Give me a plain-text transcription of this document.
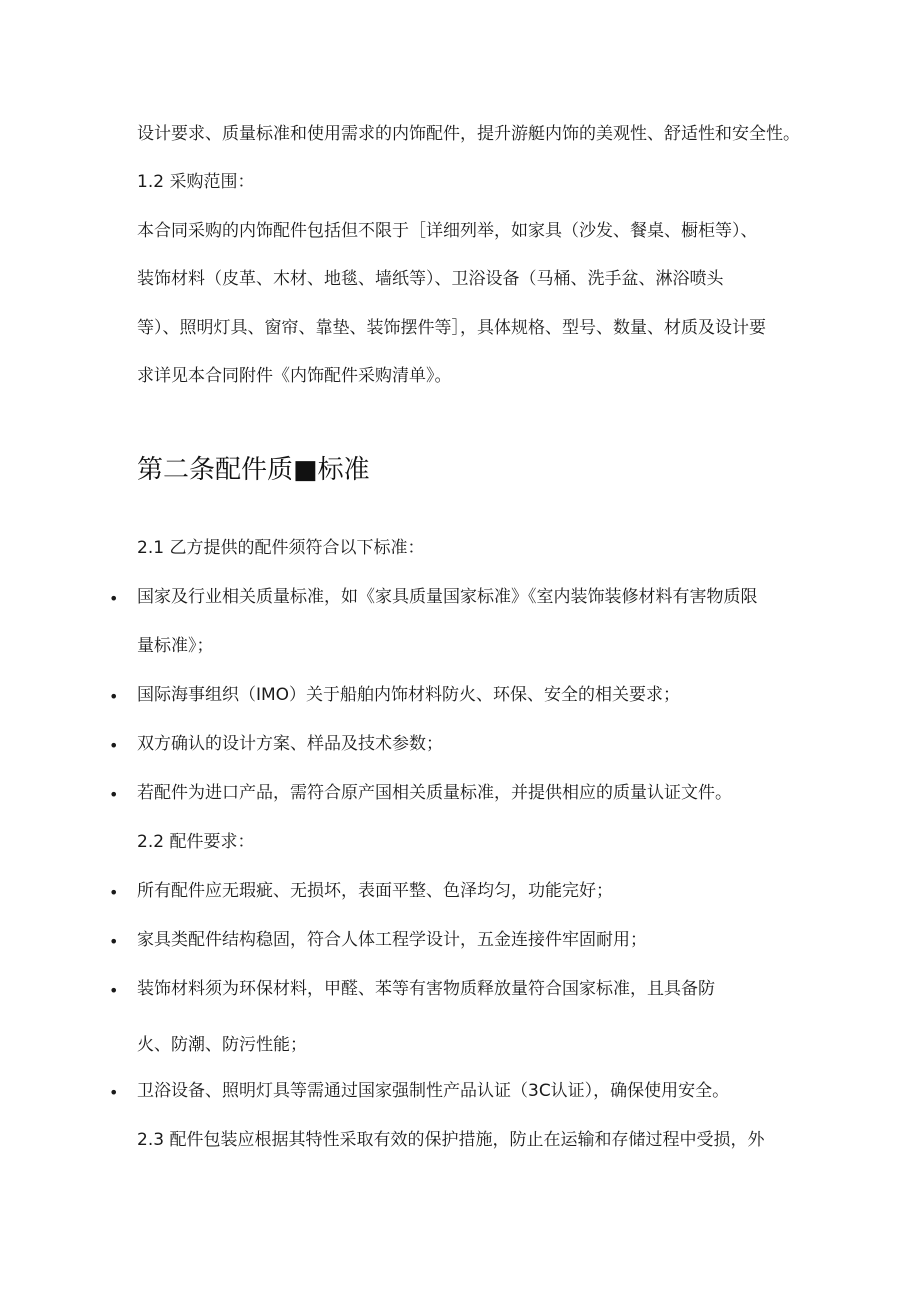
设计要求、质量标准和使用需求的内饰配件，提升游艇内饰的美观性、舒适性和安全性。
1.2 采购范围：
本合同采购的内饰配件包括但不限于［详细列举，如家具（沙发、餐桌、橱柜等）、
装饰材料（皮革、木材、地毯、墙纸等）、卫浴设备（马桶、洗手盆、淋浴喷头
等）、照明灯具、窗帘、靠垫、装饰摆件等］，具体规格、型号、数量、材质及设计要
求详见本合同附件《内饰配件采购清单》。
第二条配件质■标准
2.1 乙方提供的配件须符合以下标准：
• 国家及行业相关质量标准，如《家具质量国家标准》《室内装饰装修材料有害物质限
量标准》；
• 国际海事组织（IMO）关于船舶内饰材料防火、环保、安全的相关要求；
• 双方确认的设计方案、样品及技术参数；
• 若配件为进口产品，需符合原产国相关质量标准，并提供相应的质量认证文件。
2.2 配件要求：
• 所有配件应无瑕疵、无损坏，表面平整、色泽均匀，功能完好；
• 家具类配件结构稳固，符合人体工程学设计，五金连接件牢固耐用；
• 装饰材料须为环保材料，甲醛、苯等有害物质释放量符合国家标准，且具备防
火、防潮、防污性能；
• 卫浴设备、照明灯具等需通过国家强制性产品认证（3C认证），确保使用安全。
2.3 配件包装应根据其特性采取有效的保护措施，防止在运输和存储过程中受损，外
